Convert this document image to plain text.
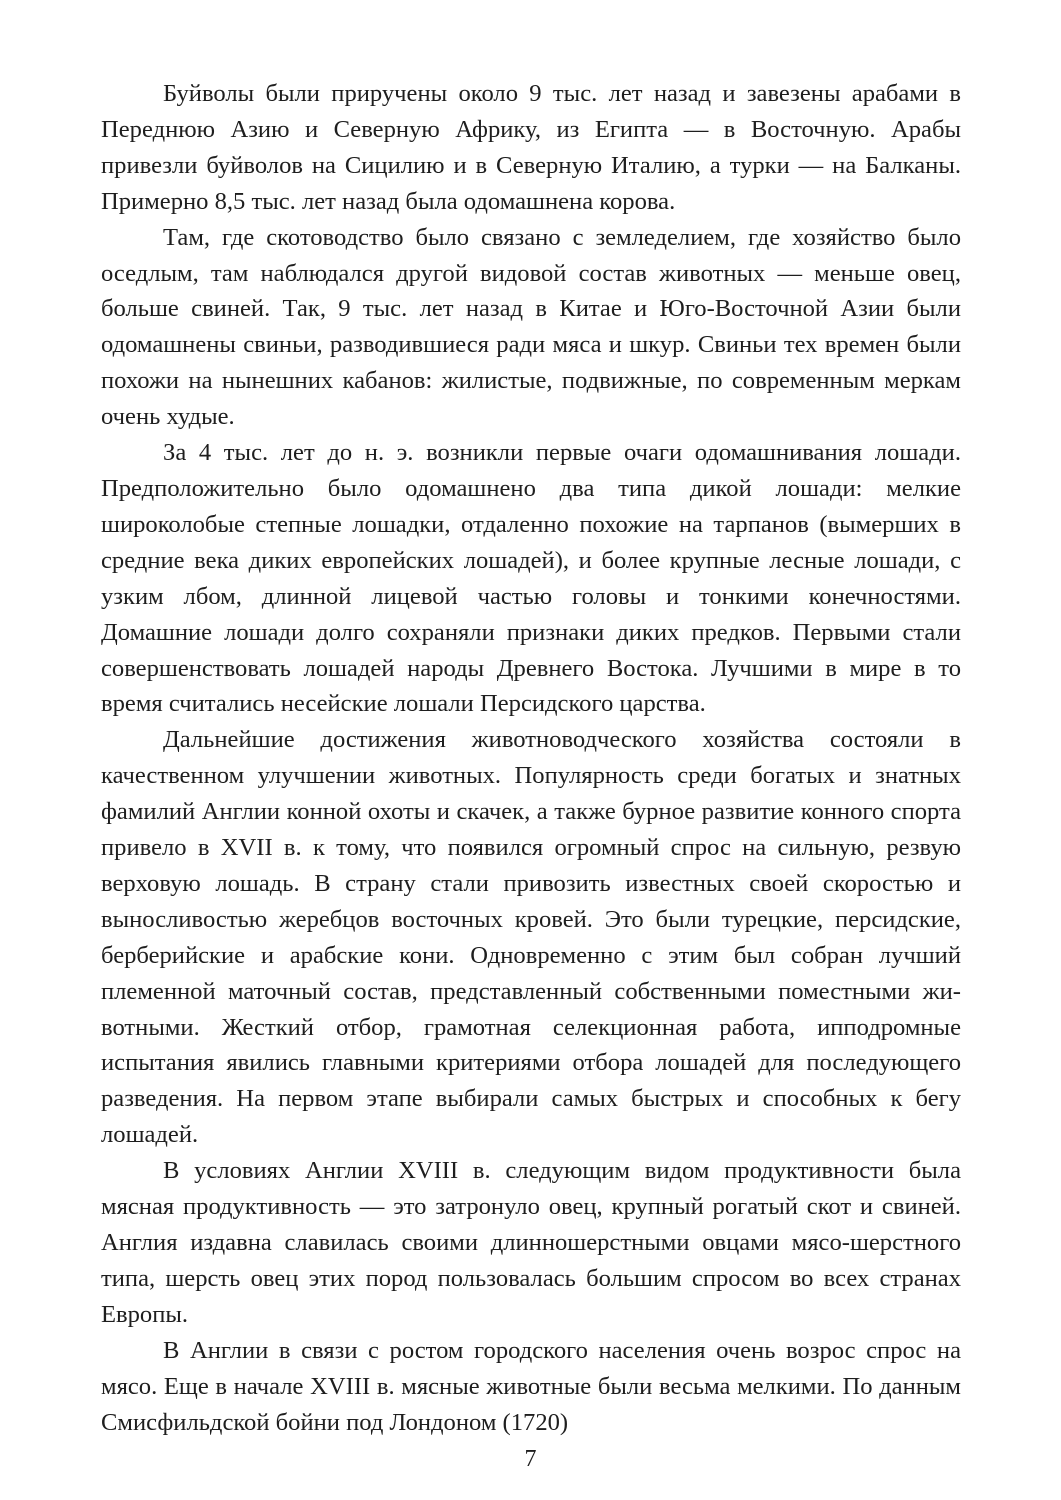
Буйволы были приручены около 9 тыс. лет назад и завезены арабами в Переднюю Азию и Северную Африку, из Египта — в Восточную. Арабы привезли буйволов на Сицилию и в Северную Италию, а турки — на Балканы. Примерно 8,5 тыс. лет назад была одомашнена корова.

Там, где скотоводство было связано с земледелием, где хозяйство было оседлым, там наблюдался другой видовой состав животных — меньше овец, больше свиней. Так, 9 тыс. лет назад в Китае и Юго-Восточной Азии были одомашнены свиньи, разводившиеся ради мяса и шкур. Свиньи тех времен были похожи на нынешних кабанов: жилистые, подвижные, по современным меркам очень худые.

За 4 тыс. лет до н. э. возникли первые очаги одомашнивания лошади. Предположительно было одомашнено два типа дикой лошади: мелкие широколобые степные лошадки, отдаленно похожие на тарпанов (вымерших в средние века диких европейских лошадей), и более крупные лесные лошади, с узким лбом, длинной лицевой частью головы и тонкими конечностями. Домашние лошади долго сохраняли признаки диких предков. Первыми стали совершенствовать лошадей народы Древнего Востока. Лучшими в мире в то время считались несейские лошали Персидского царства.

Дальнейшие достижения животноводческого хозяйства состояли в качественном улучшении животных. Популярность среди богатых и знатных фамилий Англии конной охоты и скачек, а также бурное развитие конного спорта привело в XVII в. к тому, что появился огромный спрос на сильную, резвую верховую лошадь. В страну стали привозить известных своей скоростью и выносливостью жеребцов восточных кровей. Это были турецкие, персидские, берберийские и арабские кони. Одновременно с этим был собран лучший племенной маточный состав, представленный собственными поместными животными. Жесткий отбор, грамотная селекционная работа, ипподромные испытания явились главными критериями отбора лошадей для последующего разведения. На первом этапе выбирали самых быстрых и способных к бегу лошадей.

В условиях Англии XVIII в. следующим видом продуктивности была мясная продуктивность — это затронуло овец, крупный рогатый скот и свиней. Англия издавна славилась своими длинношерстными овцами мясо-шерстного типа, шерсть овец этих пород пользовалась большим спросом во всех странах Европы.

В Англии в связи с ростом городского населения очень возрос спрос на мясо. Еще в начале XVIII в. мясные животные были весьма мелкими. По данным Смисфильдской бойни под Лондоном (1720)

7
